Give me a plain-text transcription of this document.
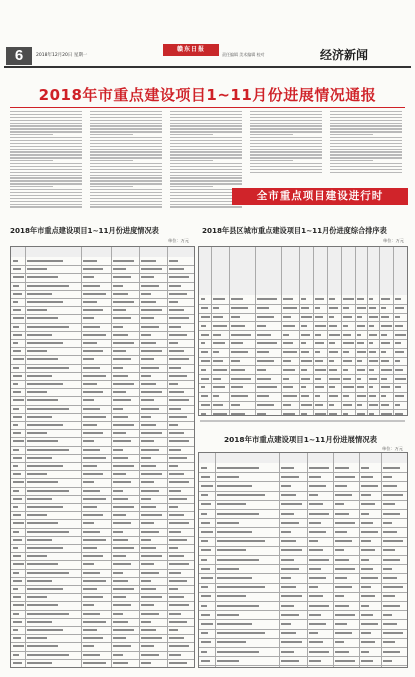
6	2018年12月20日 星期一
赣东日报
责任编辑 美术编辑 校对	经济新闻
2018年市重点建设项目1~11月份进展情况通报
全市重点项目建设进行时
2018年市重点建设项目1~11月份进度情况表
单位：万元
2018年县区城市重点建设项目1~11月份进度综合排序表
单位：万元
2018年市重点建设项目1~11月份进展情况表
单位：万元
